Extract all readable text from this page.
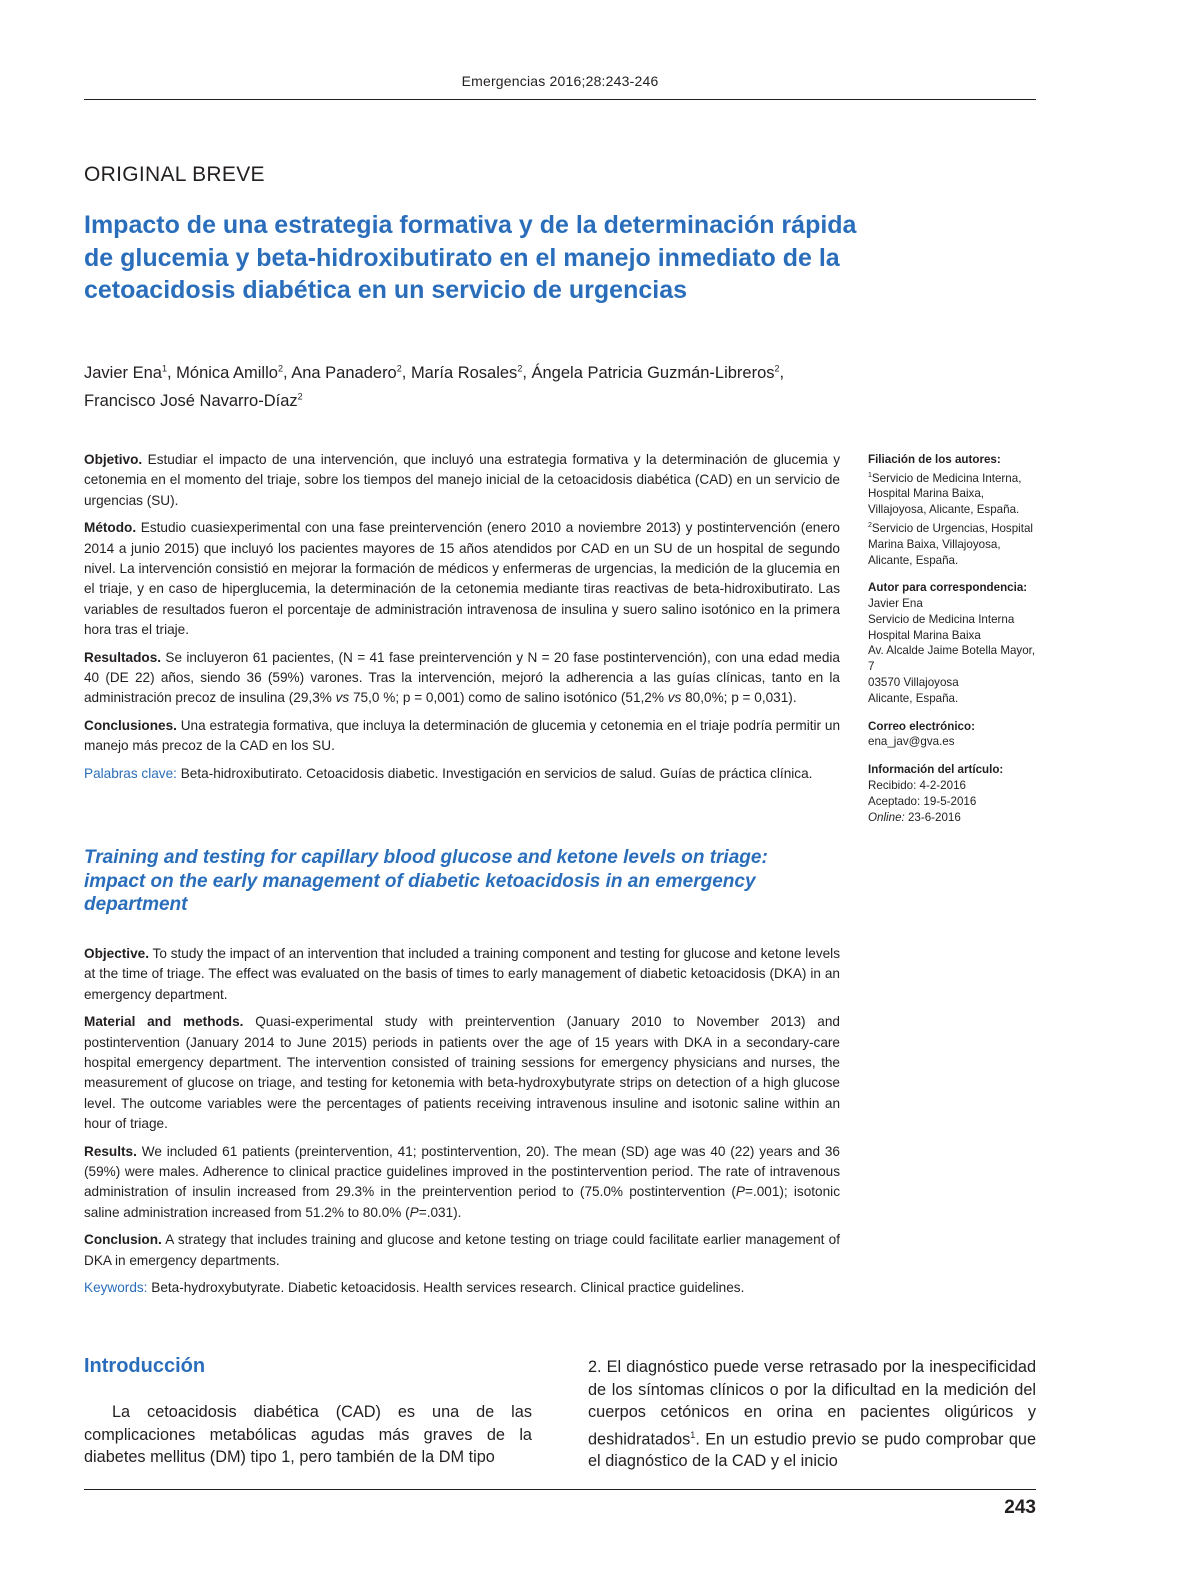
Emergencias 2016;28:243-246
ORIGINAL BREVE
Impacto de una estrategia formativa y de la determinación rápida de glucemia y beta-hidroxibutirato en el manejo inmediato de la cetoacidosis diabética en un servicio de urgencias
Javier Ena$^1$, Mónica Amillo$^2$, Ana Panadero$^2$, María Rosales$^2$, Ángela Patricia Guzmán-Libreros$^2$,
Francisco José Navarro-Díaz$^2$

Objetivo. Estudiar el impacto de una intervención, que incluyó una estrategia formativa y la determinación de glucemia y cetonemia en el momento del triaje, sobre los tiempos del manejo inicial de la cetoacidosis diabética (CAD) en un servicio de urgencias (SU).

Método. Estudio cuasiexperimental con una fase preintervención (enero 2010 a noviembre 2013) y postintervención (enero 2014 a junio 2015) que incluyó los pacientes mayores de 15 años atendidos por CAD en un SU de un hospital de segundo nivel. La intervención consistió en mejorar la formación de médicos y enfermeras de urgencias, la medición de la glucemia en el triaje, y en caso de hiperglucemia, la determinación de la cetonemia mediante tiras reactivas de beta-hidroxibutirato. Las variables de resultados fueron el porcentaje de administración intravenosa de insulina y suero salino isotónico en la primera hora tras el triaje.

Resultados. Se incluyeron 61 pacientes, (N = 41 fase preintervención y N = 20 fase postintervención), con una edad media 40 (DE 22) años, siendo 36 (59%) varones. Tras la intervención, mejoró la adherencia a las guías clínicas, tanto en la administración precoz de insulina (29,3% vs 75,0 %; p = 0,001) como de salino isotónico (51,2% vs 80,0%; p = 0,031).

Conclusiones. Una estrategia formativa, que incluya la determinación de glucemia y cetonemia en el triaje podría permitir un manejo más precoz de la CAD en los SU.

Palabras clave: Beta-hidroxibutirato. Cetoacidosis diabetic. Investigación en servicios de salud. Guías de práctica clínica.

Filiación de los autores:
$^1$Servicio de Medicina Interna, Hospital Marina Baixa, Villajoyosa, Alicante, España.
$^2$Servicio de Urgencias, Hospital Marina Baixa, Villajoyosa, Alicante, España.
Autor para correspondencia:
Javier Ena
Servicio de Medicina Interna
Hospital Marina Baixa
Av. Alcalde Jaime Botella Mayor, 7
03570 Villajoyosa
Alicante, España.
Correo electrónico:
ena_jav@gva.es
Información del artículo:
Recibido: 4-2-2016
Aceptado: 19-5-2016
Online: 23-6-2016
Training and testing for capillary blood glucose and ketone levels on triage: impact on the early management of diabetic ketoacidosis in an emergency department

Objective. To study the impact of an intervention that included a training component and testing for glucose and ketone levels at the time of triage. The effect was evaluated on the basis of times to early management of diabetic ketoacidosis (DKA) in an emergency department.

Material and methods. Quasi-experimental study with preintervention (January 2010 to November 2013) and postintervention (January 2014 to June 2015) periods in patients over the age of 15 years with DKA in a secondary-care hospital emergency department. The intervention consisted of training sessions for emergency physicians and nurses, the measurement of glucose on triage, and testing for ketonemia with beta-hydroxybutyrate strips on detection of a high glucose level. The outcome variables were the percentages of patients receiving intravenous insuline and isotonic saline within an hour of triage.

Results. We included 61 patients (preintervention, 41; postintervention, 20). The mean (SD) age was 40 (22) years and 36 (59%) were males. Adherence to clinical practice guidelines improved in the postintervention period. The rate of intravenous administration of insulin increased from 29.3% in the preintervention period to (75.0% postintervention (P=.001); isotonic saline administration increased from 51.2% to 80.0% (P=.031).

Conclusion. A strategy that includes training and glucose and ketone testing on triage could facilitate earlier management of DKA in emergency departments.

Keywords: Beta-hydroxybutyrate. Diabetic ketoacidosis. Health services research. Clinical practice guidelines.

Introducción
La cetoacidosis diabética (CAD) es una de las complicaciones metabólicas agudas más graves de la diabetes mellitus (DM) tipo 1, pero también de la DM tipo
2. El diagnóstico puede verse retrasado por la inespecificidad de los síntomas clínicos o por la dificultad en la medición del cuerpos cetónicos en orina en pacientes oligúricos y deshidratados$^1$. En un estudio previo se pudo comprobar que el diagnóstico de la CAD y el inicio
243
